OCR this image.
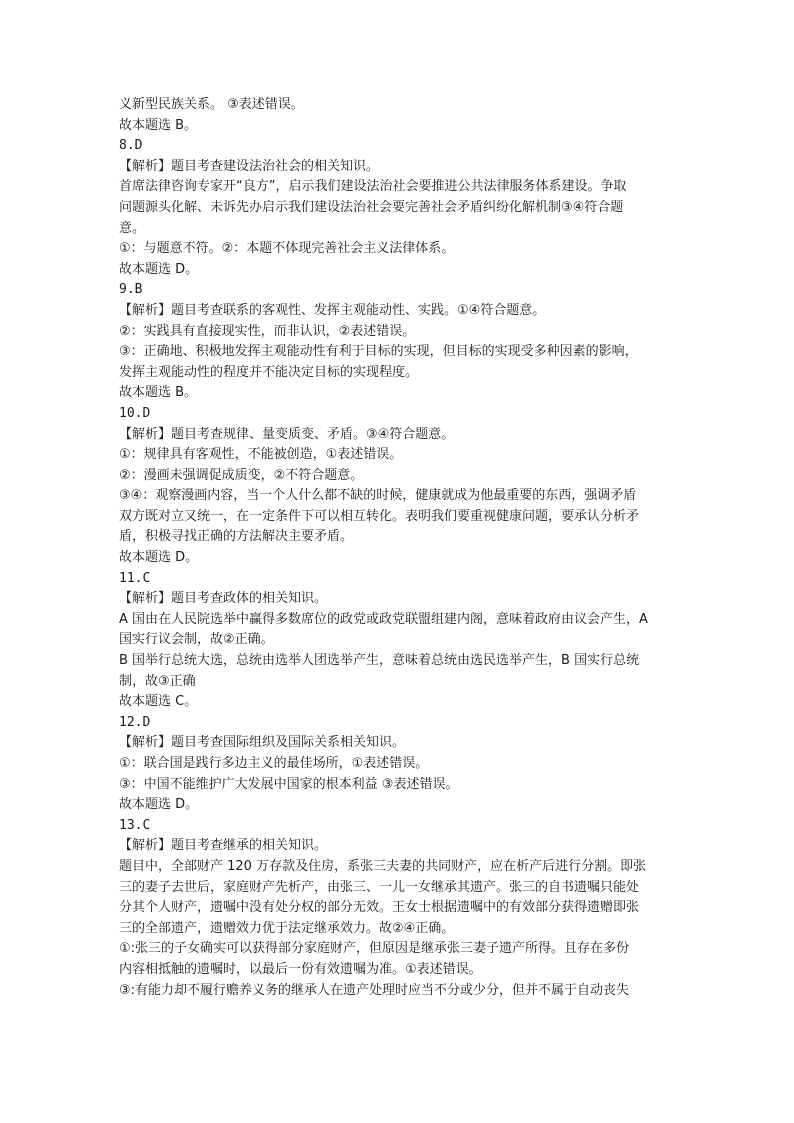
义新型民族关系。 ③表述错误。
故本题选 B。
8.D
【解析】题目考查建设法治社会的相关知识。
首席法律咨询专家开“良方”，启示我们建设法治社会要推进公共法律服务体系建设。争取
问题源头化解、未诉先办启示我们建设法治社会要完善社会矛盾纠纷化解机制③④符合题
意。
①：与题意不符。②：本题不体现完善社会主义法律体系。
故本题选 D。
9.B
【解析】题目考查联系的客观性、发挥主观能动性、实践。①④符合题意。
②：实践具有直接现实性，而非认识，②表述错误。
③：正确地、积极地发挥主观能动性有利于目标的实现，但目标的实现受多种因素的影响，
发挥主观能动性的程度并不能决定目标的实现程度。
故本题选 B。
10.D
【解析】题目考查规律、量变质变、矛盾。③④符合题意。
①：规律具有客观性，不能被创造，①表述错误。
②：漫画未强调促成质变，②不符合题意。
③④：观察漫画内容，当一个人什么都不缺的时候，健康就成为他最重要的东西，强调矛盾
双方既对立又统一，在一定条件下可以相互转化。表明我们要重视健康问题，要承认分析矛
盾，积极寻找正确的方法解决主要矛盾。
故本题选 D。
11.C
【解析】题目考查政体的相关知识。
A 国由在人民院选举中赢得多数席位的政党或政党联盟组建内阁，意味着政府由议会产生，A
国实行议会制，故②正确。
B 国举行总统大选，总统由选举人团选举产生，意味着总统由选民选举产生，B 国实行总统
制，故③正确
故本题选 C。
12.D
【解析】题目考查国际组织及国际关系相关知识。
①：联合国是践行多边主义的最佳场所，①表述错误。
③：中国不能维护广大发展中国家的根本利益 ③表述错误。
故本题选 D。
13.C
【解析】题目考查继承的相关知识。
题目中，全部财产 120 万存款及住房，系张三夫妻的共同财产，应在析产后进行分割。即张
三的妻子去世后，家庭财产先析产，由张三、一儿一女继承其遗产。张三的自书遗嘱只能处
分其个人财产，遗嘱中没有处分权的部分无效。王女士根据遗嘱中的有效部分获得遗赠即张
三的全部遗产，遗赠效力优于法定继承效力。故②④正确。
①:张三的子女确实可以获得部分家庭财产，但原因是继承张三妻子遗产所得。且存在多份
内容相抵触的遗嘱时，以最后一份有效遗嘱为准。①表述错误。
③:有能力却不履行赡养义务的继承人在遗产处理时应当不分或少分，但并不属于自动丧失
